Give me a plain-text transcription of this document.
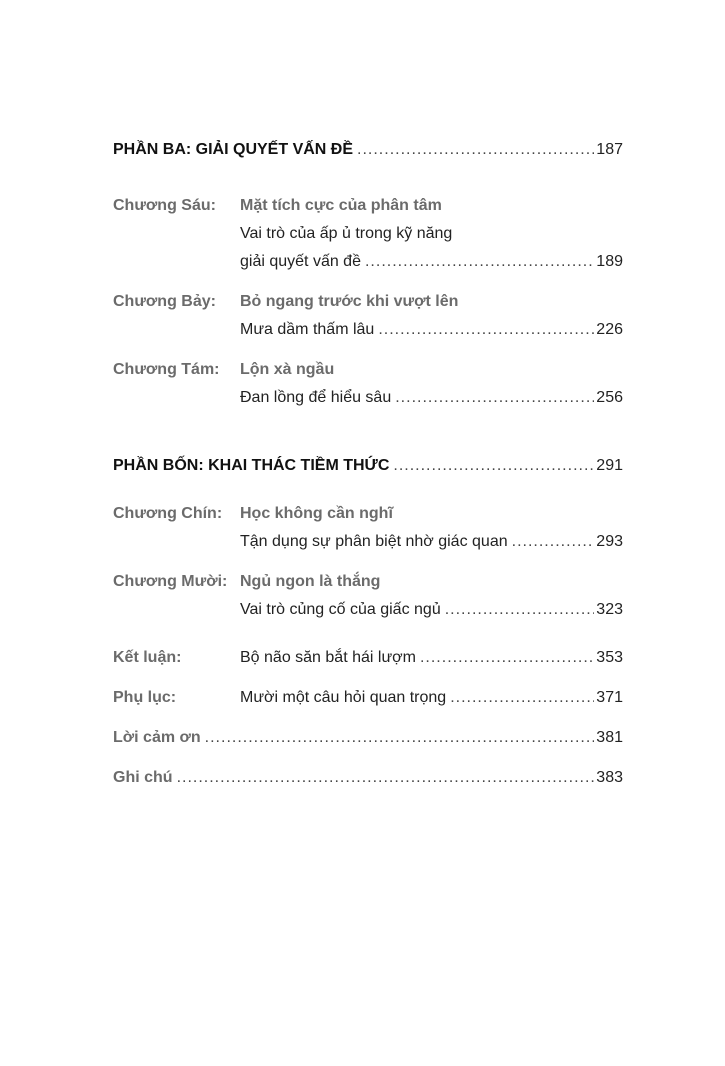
PHẦN BA: GIẢI QUYẾT VẤN ĐỀ .....	187
Chương Sáu:	Mặt tích cực của phân tâm
Vai trò của ấp ủ trong kỹ năng
giải quyết vấn đề .....	189
Chương Bảy:	Bỏ ngang trước khi vượt lên
Mưa dầm thấm lâu .....	226
Chương Tám:	Lộn xà ngầu
Đan lồng để hiểu sâu .....	256
PHẦN BỐN: KHAI THÁC TIỀM THỨC .....	291
Chương Chín:	Học không cần nghĩ
Tận dụng sự phân biệt nhờ giác quan .....	293
Chương Mười: Ngủ ngon là thắng
Vai trò củng cố của giấc ngủ .....	323
Kết luận:	Bộ não săn bắt hái lượm .....	353
Phụ lục:	Mười một câu hỏi quan trọng .....	371
Lời cảm ơn .....	381
Ghi chú .....	383
